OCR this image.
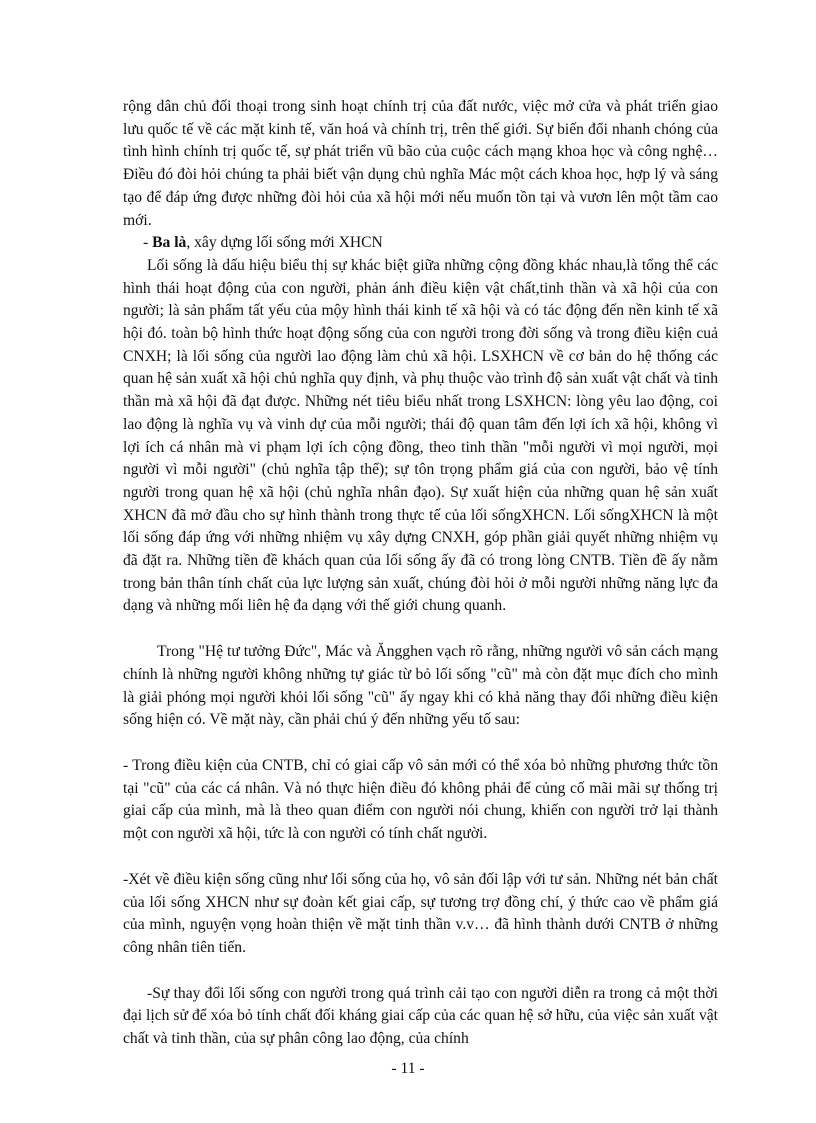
rộng dân chủ đối thoại trong sinh hoạt chính trị của đất nước, việc mở cửa và phát triển giao lưu quốc tế về các mặt kinh tế, văn hoá và chính trị, trên thế giới. Sự biến đổi nhanh chóng của tình hình chính trị quốc tế, sự phát triển vũ bão của cuộc cách mạng khoa học và công nghệ… Điều đó đòi hỏi chúng ta phải biết vận dụng chủ nghĩa Mác một cách khoa học, hợp lý và sáng tạo để đáp ứng được những đòi hỏi của xã hội mới nếu muốn tồn tại và vươn lên một tầm cao mới.

- Ba là, xây dựng lối sống mới XHCN

Lối sống là dấu hiệu biểu thị sự khác biệt giữa những cộng đồng khác nhau,là tổng thể các hình thái hoạt động của con người, phản ánh điều kiện vật chất,tinh thần và xã hội của con người; là sản phẩm tất yếu của mộy hình thái kinh tế xã hội và có tác động đến nền kinh tế xã hội đó. toàn bộ hình thức hoạt động sống của con người trong đời sống và trong điều kiện cuả CNXH; là lối sống của người lao động làm chủ xã hội. LSXHCN về cơ bản do hệ thống các quan hệ sản xuất xã hội chủ nghĩa quy định, và phụ thuộc vào trình độ sản xuất vật chất và tinh thần mà xã hội đã đạt được. Những nét tiêu biểu nhất trong LSXHCN: lòng yêu lao động, coi lao động là nghĩa vụ và vinh dự của mỗi người; thái độ quan tâm đến lợi ích xã hội, không vì lợi ích cá nhân mà vi phạm lợi ích cộng đồng, theo tinh thần "mỗi người vì mọi người, mọi người vì mỗi người" (chủ nghĩa tập thể); sự tôn trọng phẩm giá của con người, bảo vệ tính người trong quan hệ xã hội (chủ nghĩa nhân đạo). Sự xuất hiện của những quan hệ sản xuất XHCN đã mở đầu cho sự hình thành trong thực tế của lối sốngXHCN. Lối sốngXHCN là một lối sống đáp ứng với những nhiệm vụ xây dựng CNXH, góp phần giải quyết những nhiệm vụ đã đặt ra. Những tiền đề khách quan của lối sống ấy đã có trong lòng CNTB. Tiền đề ấy nằm trong bản thân tính chất của lực lượng sản xuất, chúng đòi hỏi ở mỗi người những năng lực đa dạng và những mối liên hệ đa dạng với thế giới chung quanh.

Trong "Hệ tư tưởng Đức", Mác và Ăngghen vạch rõ rằng, những người vô sản cách mạng chính là những người không những tự giác từ bỏ lối sống "cũ" mà còn đặt mục đích cho mình là giải phóng mọi người khỏi lối sống "cũ" ấy ngay khi có khả năng thay đổi những điều kiện sống hiện có. Về mặt này, cần phải chú ý đến những yếu tố sau:

- Trong điều kiện của CNTB, chỉ có giai cấp vô sản mới có thể xóa bỏ những phương thức tồn tại "cũ" của các cá nhân. Và nó thực hiện điều đó không phải để củng cố mãi mãi sự thống trị giai cấp của mình, mà là theo quan điểm con người nói chung, khiến con người trở lại thành một con người xã hội, tức là con người có tính chất người.

-Xét về điều kiện sống cũng như lối sống của họ, vô sản đối lập với tư sản. Những nét bản chất của lối sống XHCN như sự đoàn kết giai cấp, sự tương trợ đồng chí, ý thức cao về phẩm giá của mình, nguyện vọng hoàn thiện về mặt tinh thần v.v… đã hình thành dưới CNTB ở những công nhân tiên tiến.

-Sự thay đổi lối sống con người trong quá trình cải tạo con người diễn ra trong cả một thời đại lịch sử để xóa bỏ tính chất đối kháng giai cấp của các quan hệ sở hữu, của việc sản xuất vật chất và tinh thần, của sự phân công lao động, của chính

- 11 -
